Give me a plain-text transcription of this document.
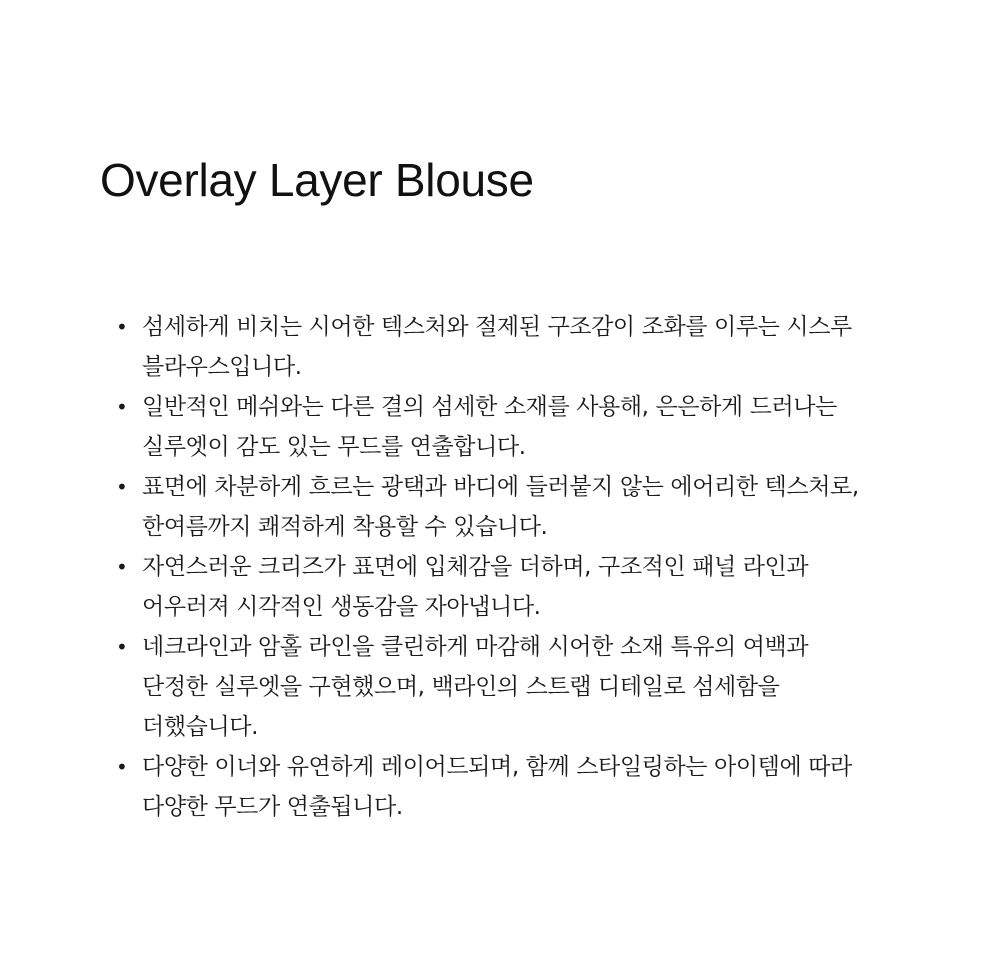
Overlay Layer Blouse
• 섬세하게 비치는 시어한 텍스처와 절제된 구조감이 조화를 이루는 시스루 블라우스입니다.
• 일반적인 메쉬와는 다른 결의 섬세한 소재를 사용해, 은은하게 드러나는 실루엣이 감도 있는 무드를 연출합니다.
• 표면에 차분하게 흐르는 광택과 바디에 들러붙지 않는 에어리한 텍스처로, 한여름까지 쾌적하게 착용할 수 있습니다.
• 자연스러운 크리즈가 표면에 입체감을 더하며, 구조적인 패널 라인과 어우러져 시각적인 생동감을 자아냅니다.
• 네크라인과 암홀 라인을 클린하게 마감해 시어한 소재 특유의 여백과 단정한 실루엣을 구현했으며, 백라인의 스트랩 디테일로 섬세함을 더했습니다.
• 다양한 이너와 유연하게 레이어드되며, 함께 스타일링하는 아이템에 따라 다양한 무드가 연출됩니다.
